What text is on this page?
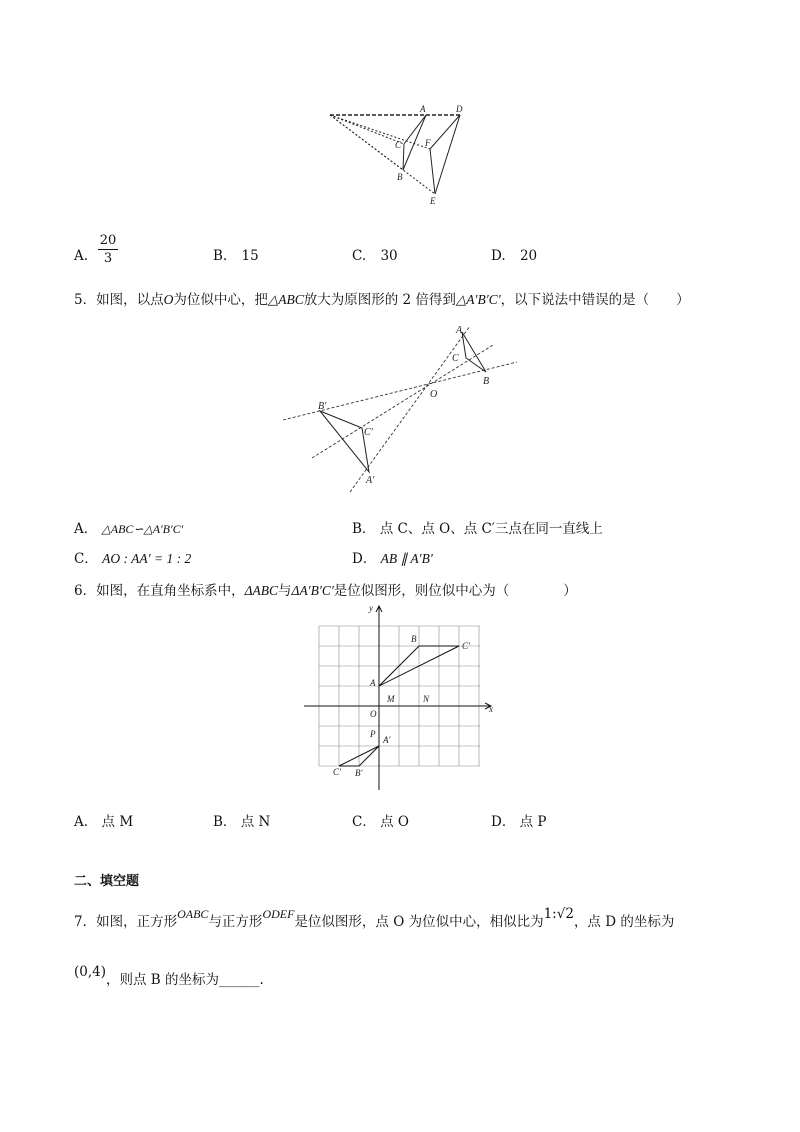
A	D
C	F
B
E
A.
20
3	B. 15	C. 30	D. 20
5．如图，以点O为位似中心，把△ABC放大为原图形的 2 倍得到△A′B′C′，以下说法中错误的是（　　）
A
C
B
O
B′
C′
A′
A． △ABC∽△A′B′C′	B． 点 C、点 O、点 C′三点在同一直线上
C． AO : AA′ = 1 : 2	D． AB ∥ A′B′
6．如图，在直角坐标系中，ΔABC与ΔA′B′C′是位似图形，则位似中心为（　　　　）
y
x
B
C′
A
M	N
O
P
A′
C′ B′
A． 点 M	B． 点 N	C． 点 O	D． 点 P
二、填空题
7．如图，正方形OABC与正方形ODEF是位似图形，点 O 为位似中心，相似比为1:√2，点 D 的坐标为
(0,4)，则点 B 的坐标为______.
